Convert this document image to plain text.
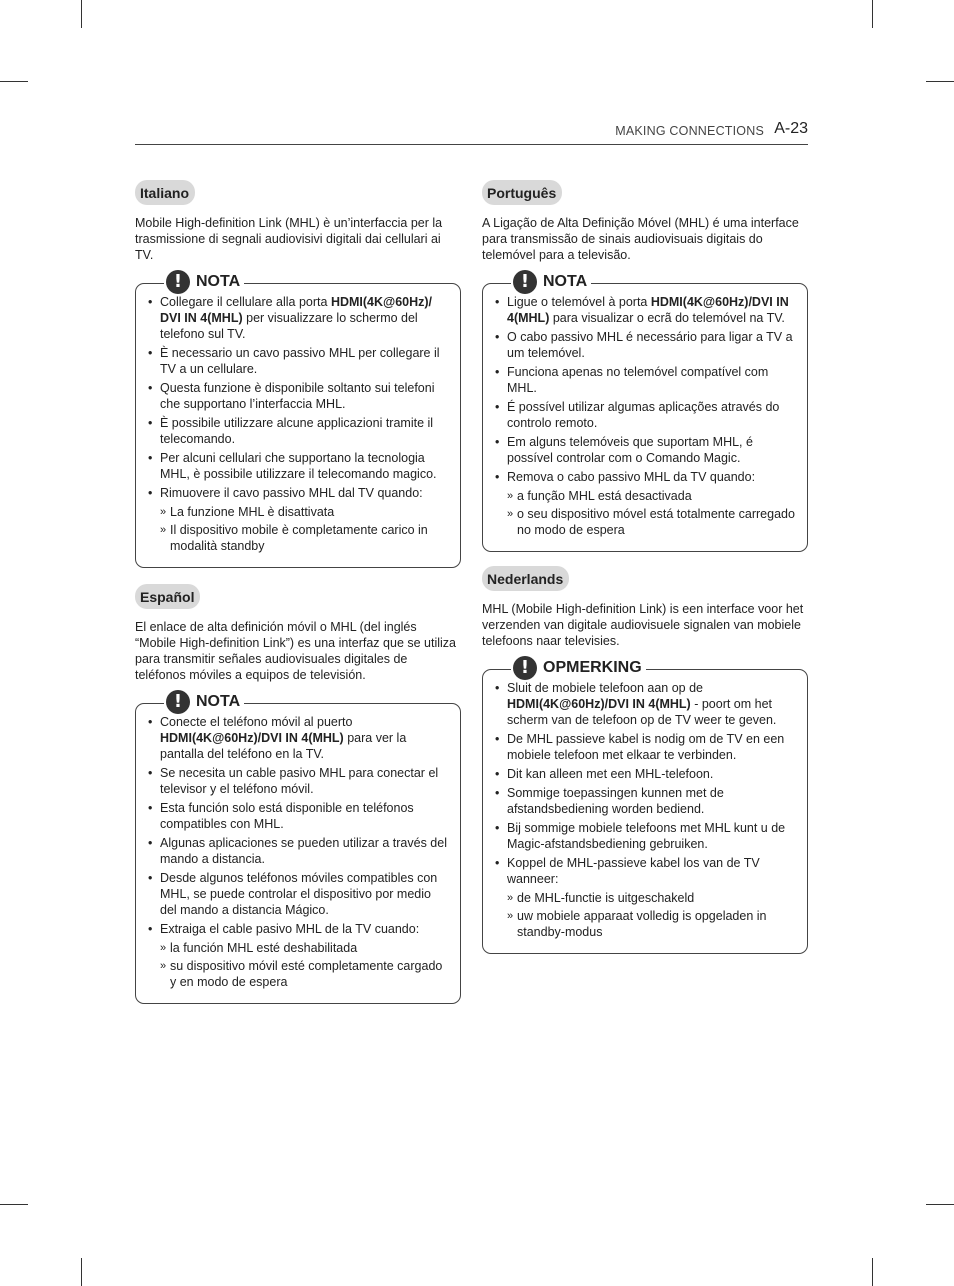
MAKING CONNECTIONS A-23
Italiano
Mobile High-definition Link (MHL) è un’interfaccia per la trasmissione di segnali audiovisivi digitali dai cellulari ai TV.
! NOTA
• Collegare il cellulare alla porta HDMI(4K@60Hz)/ DVI IN 4(MHL) per visualizzare lo schermo del telefono sul TV.
• È necessario un cavo passivo MHL per collegare il TV a un cellulare.
• Questa funzione è disponibile soltanto sui telefoni che supportano l’interfaccia MHL.
• È possibile utilizzare alcune applicazioni tramite il telecomando.
• Per alcuni cellulari che supportano la tecnologia MHL, è possibile utilizzare il telecomando magico.
• Rimuovere il cavo passivo MHL dal TV quando:
» La funzione MHL è disattivata
» Il dispositivo mobile è completamente carico in modalità standby
Español
El enlace de alta definición móvil o MHL (del inglés “Mobile High-definition Link”) es una interfaz que se utiliza para transmitir señales audiovisuales digitales de teléfonos móviles a equipos de televisión.
! NOTA
• Conecte el teléfono móvil al puerto HDMI(4K@60Hz)/DVI IN 4(MHL) para ver la pantalla del teléfono en la TV.
• Se necesita un cable pasivo MHL para conectar el televisor y el teléfono móvil.
• Esta función solo está disponible en teléfonos compatibles con MHL.
• Algunas aplicaciones se pueden utilizar a través del mando a distancia.
• Desde algunos teléfonos móviles compatibles con MHL, se puede controlar el dispositivo por medio del mando a distancia Mágico.
• Extraiga el cable pasivo MHL de la TV cuando:
» la función MHL esté deshabilitada
» su dispositivo móvil esté completamente cargado y en modo de espera
Português
A Ligação de Alta Definição Móvel (MHL) é uma interface para transmissão de sinais audiovisuais digitais do telemóvel para a televisão.
! NOTA
• Ligue o telemóvel à porta HDMI(4K@60Hz)/DVI IN 4(MHL) para visualizar o ecrã do telemóvel na TV.
• O cabo passivo MHL é necessário para ligar a TV a um telemóvel.
• Funciona apenas no telemóvel compatível com MHL.
• É possível utilizar algumas aplicações através do controlo remoto.
• Em alguns telemóveis que suportam MHL, é possível controlar com o Comando Magic.
• Remova o cabo passivo MHL da TV quando:
» a função MHL está desactivada
» o seu dispositivo móvel está totalmente carregado no modo de espera
Nederlands
MHL (Mobile High-definition Link) is een interface voor het verzenden van digitale audiovisuele signalen van mobiele telefoons naar televisies.
! OPMERKING
• Sluit de mobiele telefoon aan op de HDMI(4K@60Hz)/DVI IN 4(MHL) - poort om het scherm van de telefoon op de TV weer te geven.
• De MHL passieve kabel is nodig om de TV en een mobiele telefoon met elkaar te verbinden.
• Dit kan alleen met een MHL-telefoon.
• Sommige toepassingen kunnen met de afstandsbediening worden bediend.
• Bij sommige mobiele telefoons met MHL kunt u de Magic-afstandsbediening gebruiken.
• Koppel de MHL-passieve kabel los van de TV wanneer:
» de MHL-functie is uitgeschakeld
» uw mobiele apparaat volledig is opgeladen in standby-modus
